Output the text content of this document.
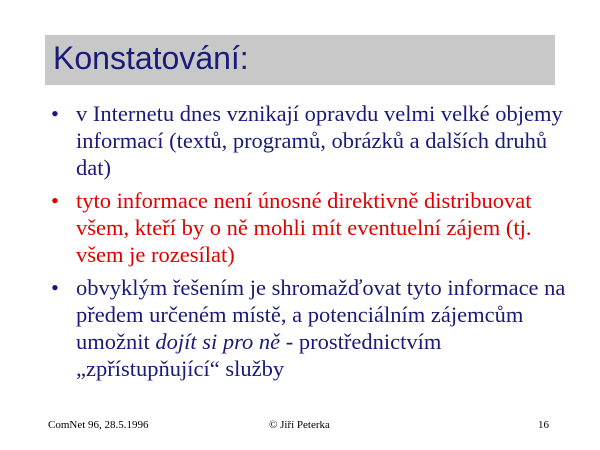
Konstatování:
• v Internetu dnes vznikají opravdu velmi velké objemy informací (textů, programů, obrázků a dalších druhů dat)
• tyto informace není únosné direktivně distribuovat všem, kteří by o ně mohli mít eventuelní zájem (tj. všem je rozesílat)
• obvyklým řešením je shromažďovat tyto informace na předem určeném místě, a potenciálním zájemcům umožnit dojít si pro ně - prostřednictvím „zpřístupňující“ služby
ComNet 96, 28.5.1996	© Jiří Peterka	16
